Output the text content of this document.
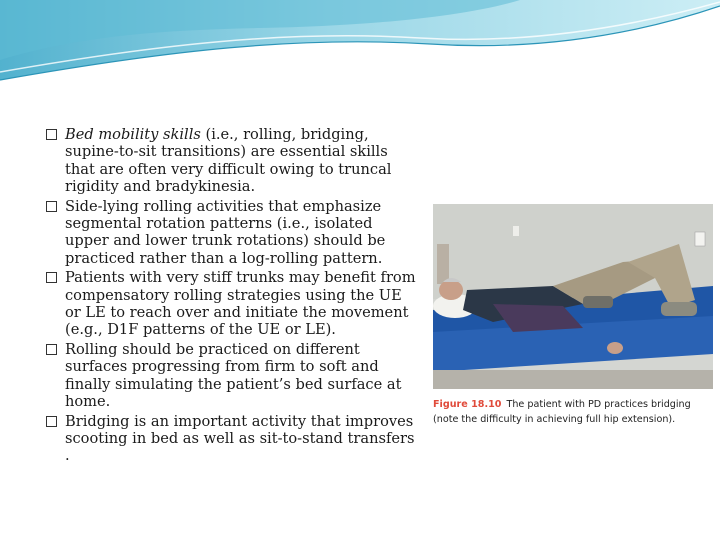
Bed mobility skills (i.e., rolling, bridging, supine-to-sit transitions) are essential skills that are often very difficult owing to truncal rigidity and bradykinesia.
Side-lying rolling activities that emphasize segmental rotation patterns (i.e., isolated upper and lower trunk rotations) should be practiced rather than a log-rolling pattern.
Patients with very stiff trunks may benefit from compensatory rolling strategies using the UE or LE to reach over and initiate the movement (e.g., D1F patterns of the UE or LE).
Rolling should be practiced on different surfaces progressing from firm to soft and finally simulating the patient’s bed surface at home.
Bridging is an important activity that improves scooting in bed as well as sit-to-stand transfers .
Figure 18.10 The patient with PD practices bridging (note the difficulty in achieving full hip extension).
